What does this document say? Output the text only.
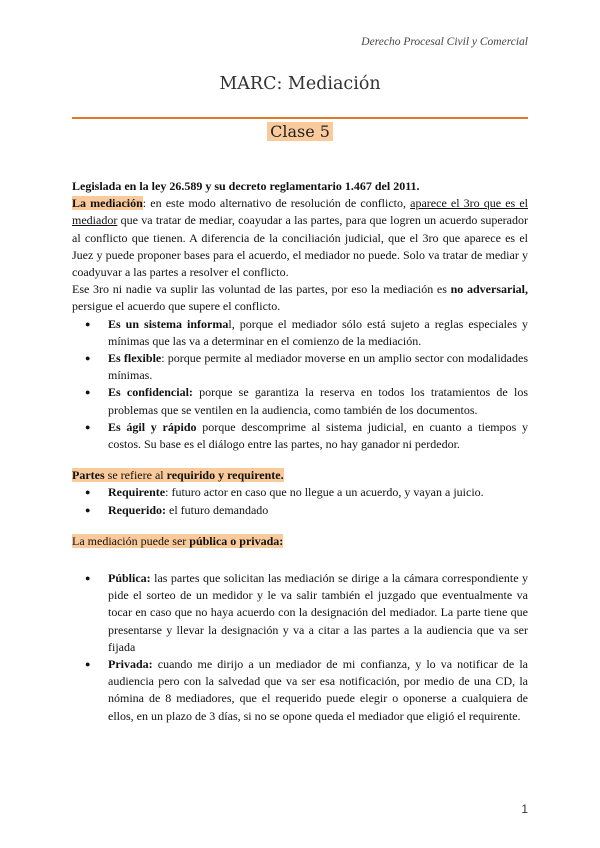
Derecho Procesal Civil y Comercial
MARC: Mediación
Clase 5

Legislada en la ley 26.589 y su decreto reglamentario 1.467 del 2011.

La mediación: en este modo alternativo de resolución de conflicto, aparece el 3ro que es el mediador que va tratar de mediar, coayudar a las partes, para que logren un acuerdo superador al conflicto que tienen. A diferencia de la conciliación judicial, que el 3ro que aparece es el Juez y puede proponer bases para el acuerdo, el mediador no puede. Solo va tratar de mediar y coadyuvar a las partes a resolver el conflicto.

Ese 3ro ni nadie va suplir las voluntad de las partes, por eso la mediación es no adversarial, persigue el acuerdo que supere el conflicto.

● Es un sistema informal, porque el mediador sólo está sujeto a reglas especiales y mínimas que las va a determinar en el comienzo de la mediación.
● Es flexible: porque permite al mediador moverse en un amplio sector con modalidades mínimas.
● Es confidencial: porque se garantiza la reserva en todos los tratamientos de los problemas que se ventilen en la audiencia, como también de los documentos.
● Es ágil y rápido porque descomprime al sistema judicial, en cuanto a tiempos y costos. Su base es el diálogo entre las partes, no hay ganador ni perdedor.

Partes se refiere al requirido y requirente.

● Requirente: futuro actor en caso que no llegue a un acuerdo, y vayan a juicio.
● Requerido: el futuro demandado

La mediación puede ser pública o privada:

● Pública: las partes que solicitan las mediación se dirige a la cámara correspondiente y pide el sorteo de un medidor y le va salir también el juzgado que eventualmente va tocar en caso que no haya acuerdo con la designación del mediador. La parte tiene que presentarse y llevar la designación y va a citar a las partes a la audiencia que va ser fijada
● Privada: cuando me dirijo a un mediador de mi confianza, y lo va notificar de la audiencia pero con la salvedad que va ser esa notificación, por medio de una CD, la nómina de 8 mediadores, que el requerido puede elegir o oponerse a cualquiera de ellos, en un plazo de 3 días, si no se opone queda el mediador que eligió el requirente.
1
